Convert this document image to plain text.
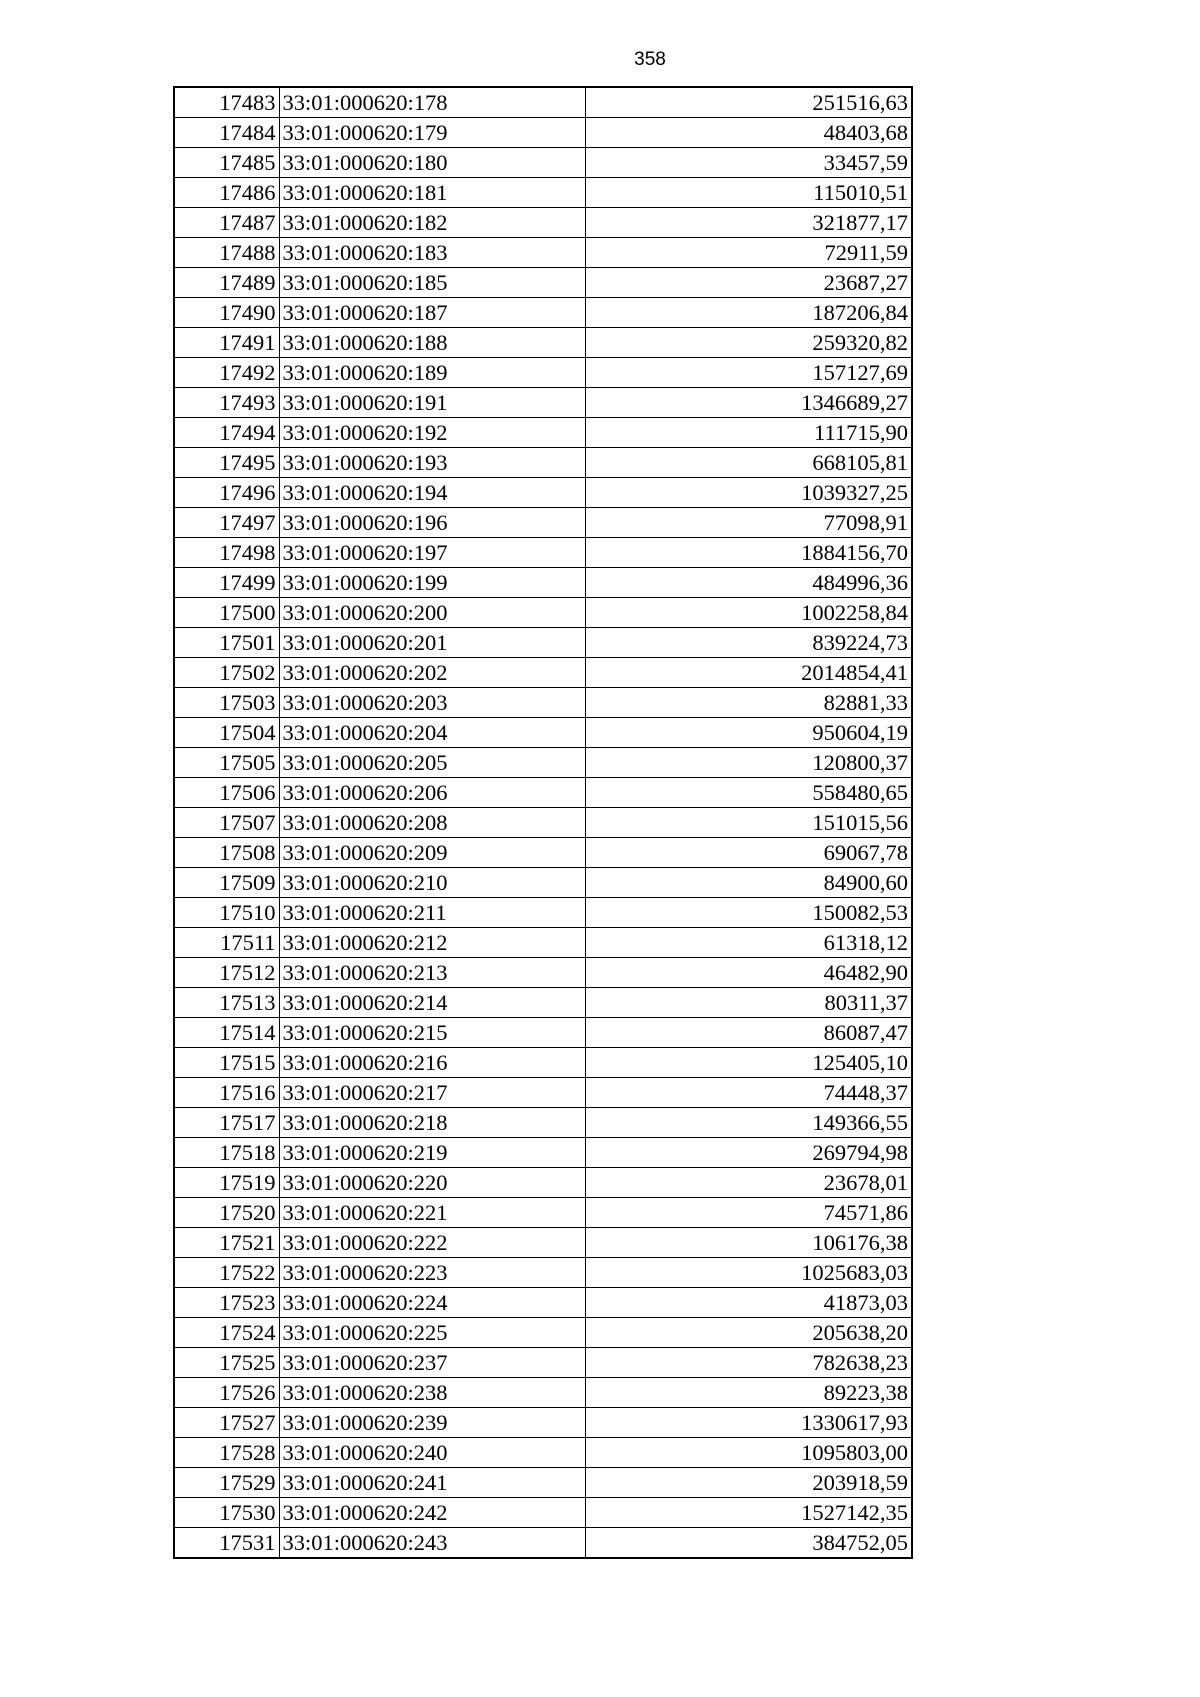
358
17483	33:01:000620:178	251516,63
17484	33:01:000620:179	48403,68
17485	33:01:000620:180	33457,59
17486	33:01:000620:181	115010,51
17487	33:01:000620:182	321877,17
17488	33:01:000620:183	72911,59
17489	33:01:000620:185	23687,27
17490	33:01:000620:187	187206,84
17491	33:01:000620:188	259320,82
17492	33:01:000620:189	157127,69
17493	33:01:000620:191	1346689,27
17494	33:01:000620:192	111715,90
17495	33:01:000620:193	668105,81
17496	33:01:000620:194	1039327,25
17497	33:01:000620:196	77098,91
17498	33:01:000620:197	1884156,70
17499	33:01:000620:199	484996,36
17500	33:01:000620:200	1002258,84
17501	33:01:000620:201	839224,73
17502	33:01:000620:202	2014854,41
17503	33:01:000620:203	82881,33
17504	33:01:000620:204	950604,19
17505	33:01:000620:205	120800,37
17506	33:01:000620:206	558480,65
17507	33:01:000620:208	151015,56
17508	33:01:000620:209	69067,78
17509	33:01:000620:210	84900,60
17510	33:01:000620:211	150082,53
17511	33:01:000620:212	61318,12
17512	33:01:000620:213	46482,90
17513	33:01:000620:214	80311,37
17514	33:01:000620:215	86087,47
17515	33:01:000620:216	125405,10
17516	33:01:000620:217	74448,37
17517	33:01:000620:218	149366,55
17518	33:01:000620:219	269794,98
17519	33:01:000620:220	23678,01
17520	33:01:000620:221	74571,86
17521	33:01:000620:222	106176,38
17522	33:01:000620:223	1025683,03
17523	33:01:000620:224	41873,03
17524	33:01:000620:225	205638,20
17525	33:01:000620:237	782638,23
17526	33:01:000620:238	89223,38
17527	33:01:000620:239	1330617,93
17528	33:01:000620:240	1095803,00
17529	33:01:000620:241	203918,59
17530	33:01:000620:242	1527142,35
17531	33:01:000620:243	384752,05
